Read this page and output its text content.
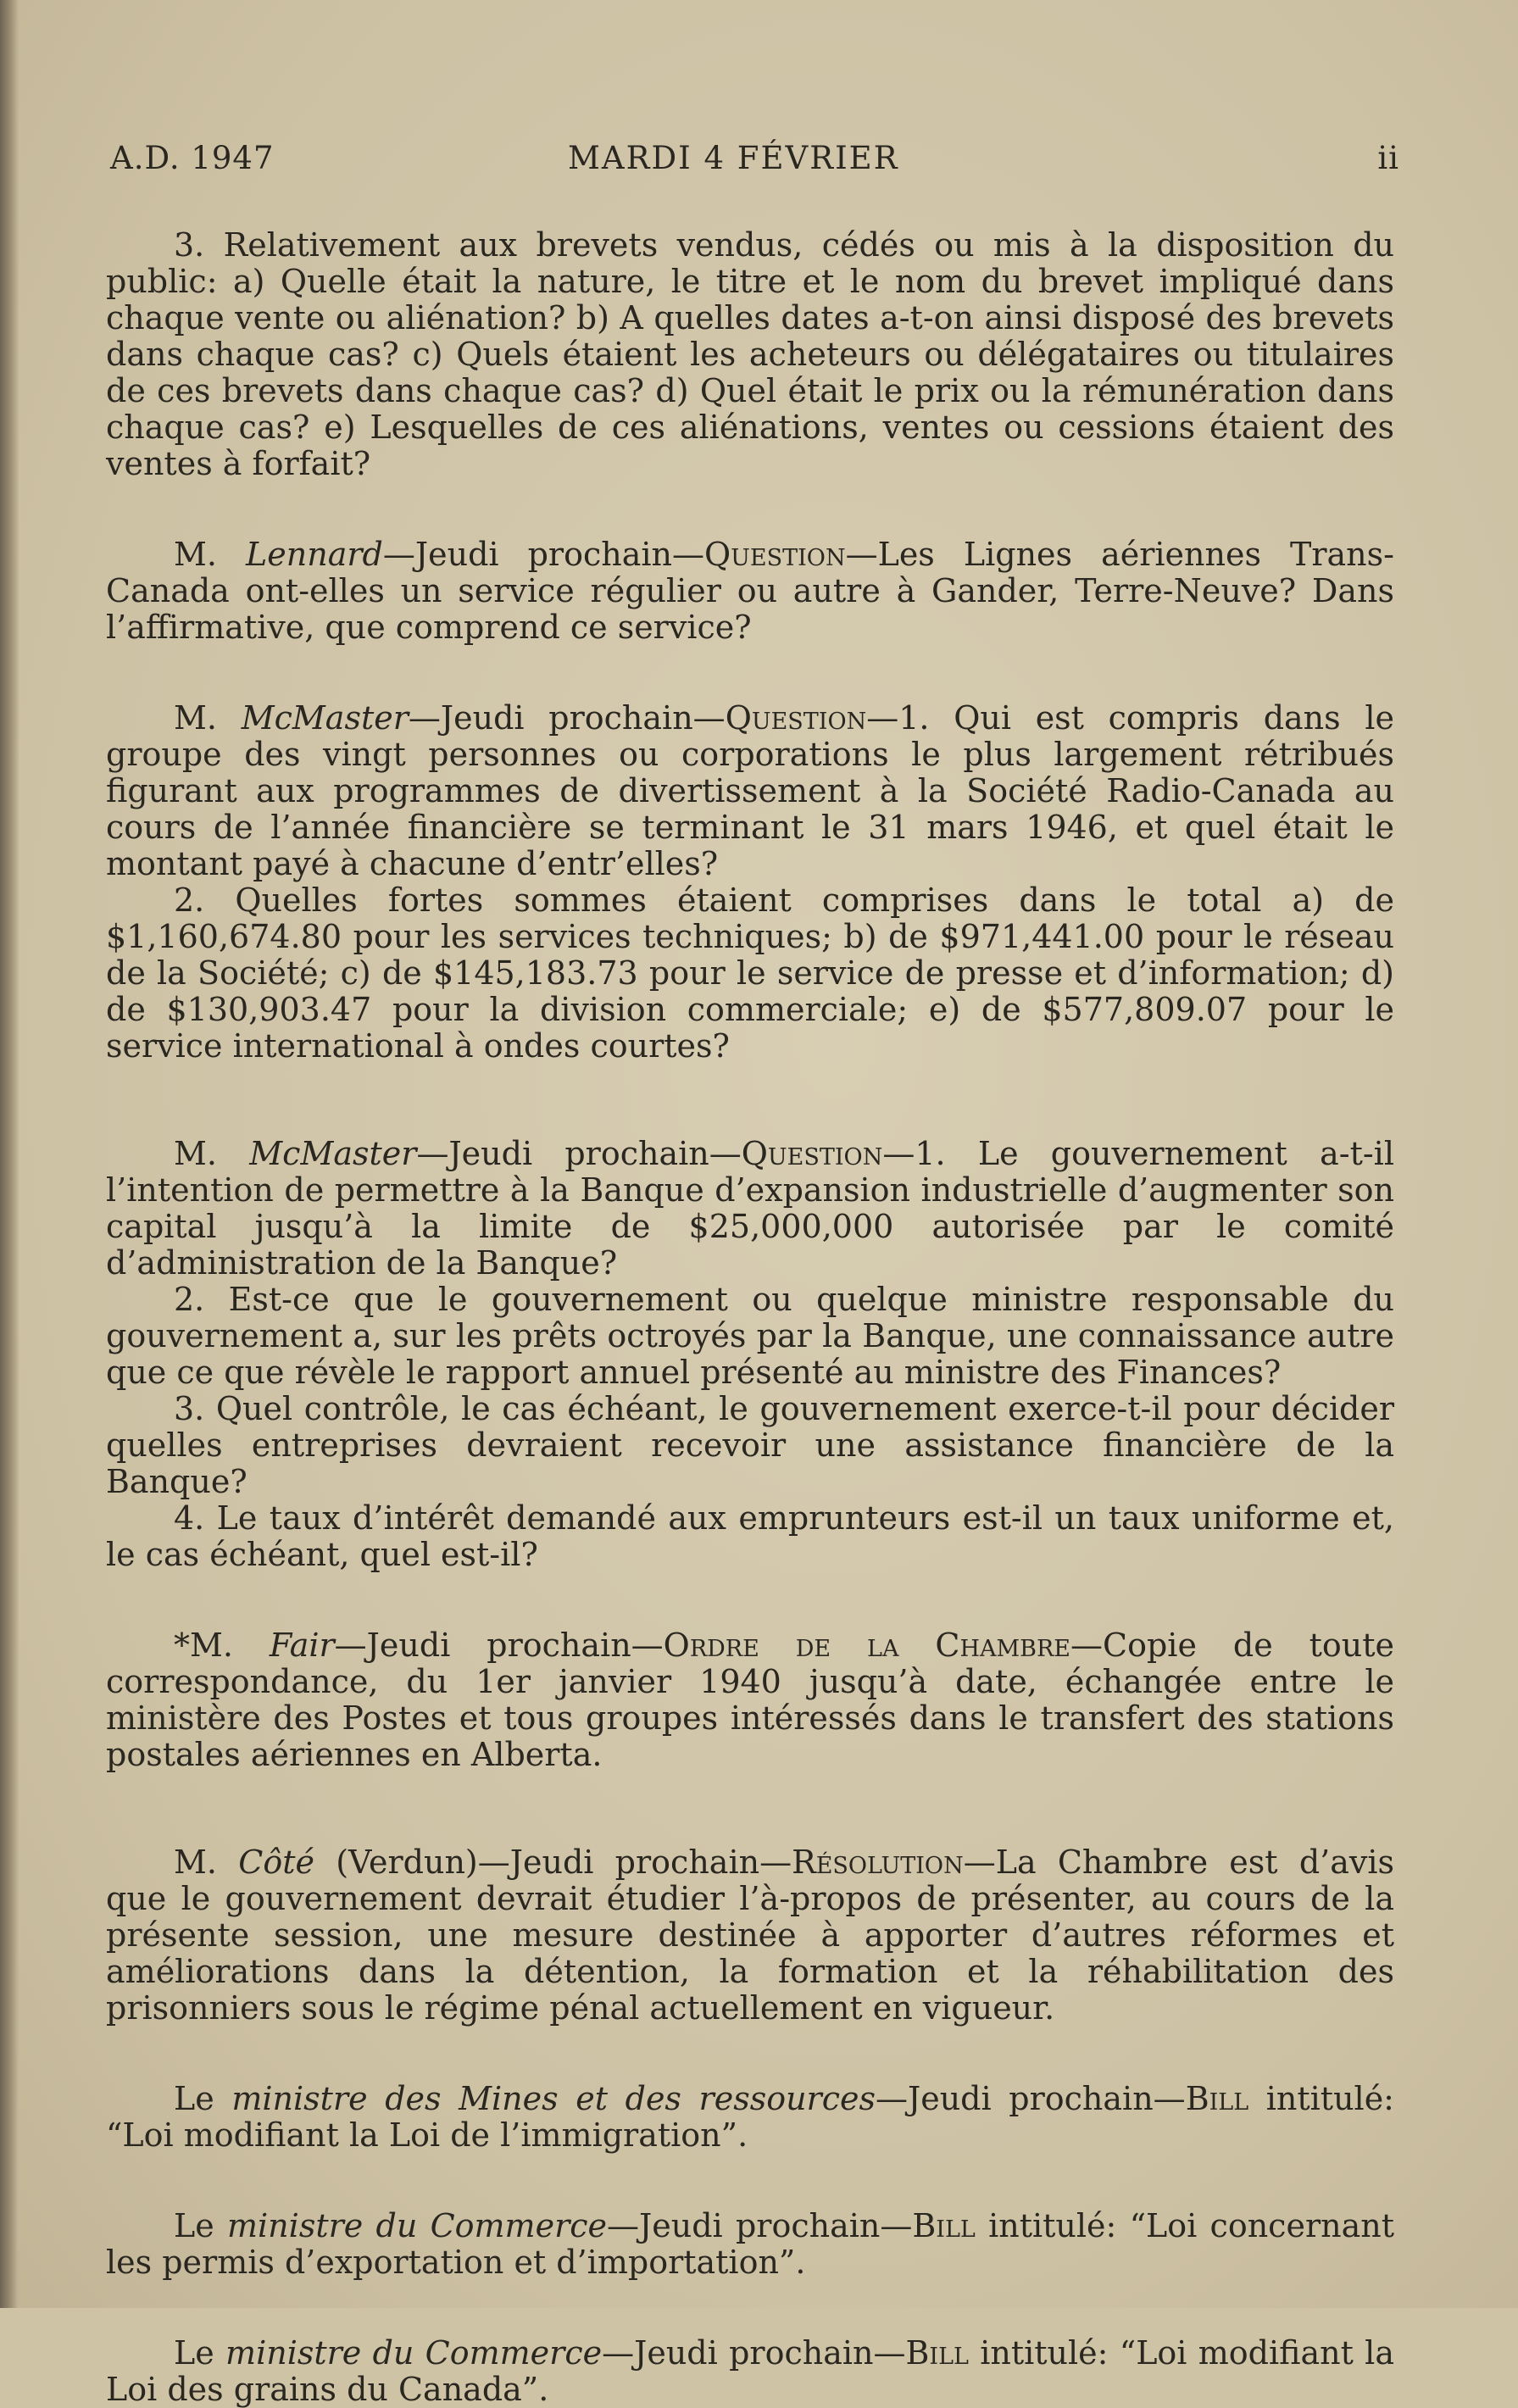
A.D. 1947	MARDI 4 FÉVRIER	ii

3. Relativement aux brevets vendus, cédés ou mis à la disposition du public: a) Quelle était la nature, le titre et le nom du brevet impliqué dans chaque vente ou aliénation? b) A quelles dates a-t-on ainsi disposé des brevets dans chaque cas? c) Quels étaient les acheteurs ou délégataires ou titulaires de ces brevets dans chaque cas? d) Quel était le prix ou la rémunération dans chaque cas? e) Lesquelles de ces aliénations, ventes ou cessions étaient des ventes à forfait?

M. Lennard—Jeudi prochain—Question—Les Lignes aériennes Trans-Canada ont-elles un service régulier ou autre à Gander, Terre-Neuve? Dans l’affirmative, que comprend ce service?

M. McMaster—Jeudi prochain—Question—1. Qui est compris dans le groupe des vingt personnes ou corporations le plus largement rétribués figurant aux programmes de divertissement à la Société Radio-Canada au cours de l’année financière se terminant le 31 mars 1946, et quel était le montant payé à chacune d’entr’elles?

2. Quelles fortes sommes étaient comprises dans le total a) de $1,160,674.80 pour les services techniques; b) de $971,441.00 pour le réseau de la Société; c) de $145,183.73 pour le service de presse et d’information; d) de $130,903.47 pour la division commerciale; e) de $577,809.07 pour le service international à ondes courtes?

M. McMaster—Jeudi prochain—Question—1. Le gouvernement a-t-il l’intention de permettre à la Banque d’expansion industrielle d’augmenter son capital jusqu’à la limite de $25,000,000 autorisée par le comité d’administration de la Banque?

2. Est-ce que le gouvernement ou quelque ministre responsable du gouvernement a, sur les prêts octroyés par la Banque, une connaissance autre que ce que révèle le rapport annuel présenté au ministre des Finances?

3. Quel contrôle, le cas échéant, le gouvernement exerce-t-il pour décider quelles entreprises devraient recevoir une assistance financière de la Banque?

4. Le taux d’intérêt demandé aux emprunteurs est-il un taux uniforme et, le cas échéant, quel est-il?

*M. Fair—Jeudi prochain—Ordre de la Chambre—Copie de toute correspondance, du 1er janvier 1940 jusqu’à date, échangée entre le ministère des Postes et tous groupes intéressés dans le transfert des stations postales aériennes en Alberta.

M. Côté (Verdun)—Jeudi prochain—Résolution—La Chambre est d’avis que le gouvernement devrait étudier l’à-propos de présenter, au cours de la présente session, une mesure destinée à apporter d’autres réformes et améliorations dans la détention, la formation et la réhabilitation des prisonniers sous le régime pénal actuellement en vigueur.

Le ministre des Mines et des ressources—Jeudi prochain—Bill intitulé: “Loi modifiant la Loi de l’immigration”.

Le ministre du Commerce—Jeudi prochain—Bill intitulé: “Loi concernant les permis d’exportation et d’importation”.

Le ministre du Commerce—Jeudi prochain—Bill intitulé: “Loi modifiant la Loi des grains du Canada”.
